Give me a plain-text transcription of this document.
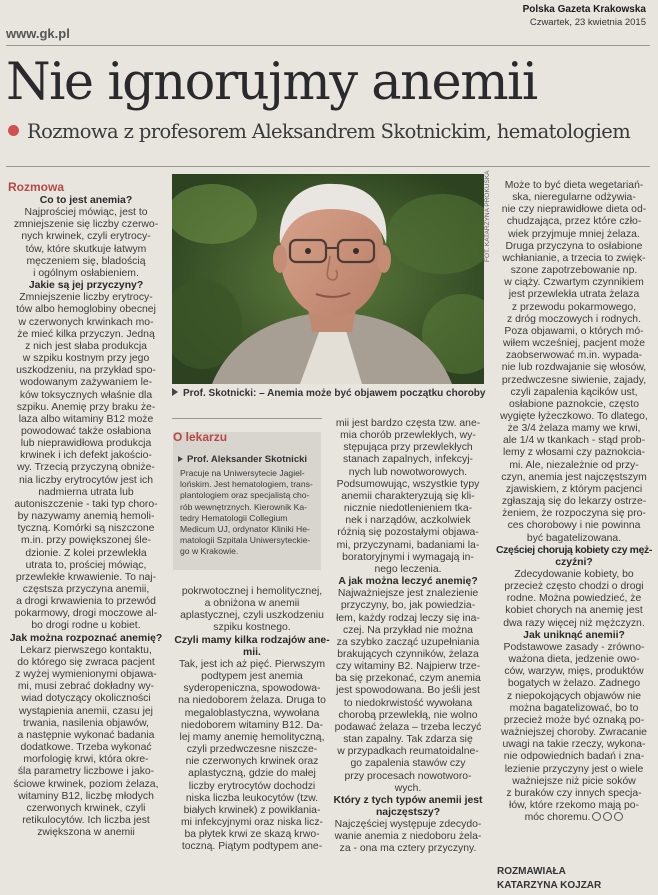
Polska Gazeta Krakowska
Czwartek, 23 kwietnia 2015
www.gk.pl
Nie ignorujmy anemii
Rozmowa z profesorem Aleksandrem Skotnickim, hematologiem
Rozmowa
Co to jest anemia?
Najprościej mówiąc, jest to
zmniejszenie się liczby czerwo-
nych krwinek, czyli erytrocy-
tów, które skutkuje łatwym
męczeniem się, bladością
i ogólnym osłabieniem.
Jakie są jej przyczyny?
Zmniejszenie liczby erytrocy-
tów albo hemoglobiny obecnej
w czerwonych krwinkach mo-
że mieć kilka przyczyn. Jedną
z nich jest słaba produkcja
w szpiku kostnym przy jego
uszkodzeniu, na przykład spo-
wodowanym zażywaniem le-
ków toksycznych właśnie dla
szpiku. Anemię przy braku że-
laza albo witaminy B12 może
powodować także osłabiona
lub nieprawidłowa produkcja
krwinek i ich defekt jakościo-
wy. Trzecią przyczyną obniże-
nia liczby erytrocytów jest ich
nadmierna utrata lub
autoniszczenie - taki typ choro-
by nazywamy anemią hemoli-
tyczną. Komórki są niszczone
m.in. przy powiększonej śle-
dzionie. Z kolei przewlekła
utrata to, prościej mówiąc,
przewlekłe krwawienie. To naj-
częstsza przyczyna anemii,
a drogi krwawienia to przewód
pokarmowy, drogi moczowe al-
bo drogi rodne u kobiet.
Jak można rozpoznać anemię?
Lekarz pierwszego kontaktu,
do którego się zwraca pacjent
z wyżej wymienionymi objawa-
mi, musi zebrać dokładny wy-
wiad dotyczący okoliczności
wystąpienia anemii, czasu jej
trwania, nasilenia objawów,
a następnie wykonać badania
dodatkowe. Trzeba wykonać
morfologię krwi, która okre-
śla parametry liczbowe i jako-
ściowe krwinek, poziom żelaza,
witaminy B12, liczbę młodych
czerwonych krwinek, czyli
retikulocytów. Ich liczba jest
zwiększona w anemii
FOT. KATARZYNA PROKUSKA
Prof. Skotnicki: – Anemia może być objawem początku choroby
O lekarzu
Prof. Aleksander Skotnicki
Pracuje na Uniwersytecie Jagiel-
lońskim. Jest hematologiem, trans-
plantologiem oraz specjalistą cho-
rób wewnętrznych. Kierownik Ka-
tedry Hematologii Collegium
Medicum UJ, ordynator Kliniki He-
matologii Szpitala Uniwersyteckie-
go w Krakowie.
pokrwotocznej i hemolitycznej,
a obniżona w anemii
aplastycznej, czyli uszkodzeniu
szpiku kostnego.
Czyli mamy kilka rodzajów ane-
mii.
Tak, jest ich aż pięć. Pierwszym
podtypem jest anemia
syderopeniczna, spowodowa-
na niedoborem żelaza. Druga to
megaloblastyczna, wywołana
niedoborem witaminy B12. Da-
lej mamy anemię hemolityczną,
czyli przedwczesne niszcze-
nie czerwonych krwinek oraz
aplastyczną, gdzie do małej
liczby erytrocytów dochodzi
niska liczba leukocytów (tzw.
białych krwinek) z powikłania-
mi infekcyjnymi oraz niska licz-
ba płytek krwi ze skazą krwo-
toczną. Piątym podtypem ane-
mii jest bardzo częsta tzw. ane-
mia chorób przewlekłych, wy-
stępująca przy przewlekłych
stanach zapalnych, infekcyj-
nych lub nowotworowych.
Podsumowując, wszystkie typy
anemii charakteryzują się kli-
nicznie niedotlenieniem tka-
nek i narządów, aczkolwiek
różnią się pozostałymi objawa-
mi, przyczynami, badaniami la-
boratoryjnymi i wymagają in-
nego leczenia.
A jak można leczyć anemię?
Najważniejsze jest znalezienie
przyczyny, bo, jak powiedzia-
łem, każdy rodzaj leczy się ina-
czej. Na przykład nie można
za szybko zacząć uzupełniania
brakujących czynników, żelaza
czy witaminy B2. Najpierw trze-
ba się przekonać, czym anemia
jest spowodowana. Bo jeśli jest
to niedokrwistość wywołana
chorobą przewlekłą, nie wolno
podawać żelaza – trzeba leczyć
stan zapalny. Tak zdarza się
w przypadkach reumatoidalne-
go zapalenia stawów czy
przy procesach nowotworo-
wych.
Który z tych typów anemii jest
najczęstszy?
Najczęściej występuje zdecydo-
wanie anemia z niedoboru żela-
za - ona ma cztery przyczyny.
Może to być dieta wegetariań-
ska, nieregularne odżywia-
nie czy nieprawidłowe dieta od-
chudzająca, przez które czło-
wiek przyjmuje mniej żelaza.
Druga przyczyna to osłabione
wchłanianie, a trzecia to zwięk-
szone zapotrzebowanie np.
w ciąży. Czwartym czynnikiem
jest przewlekła utrata żelaza
z przewodu pokarmowego,
z dróg moczowych i rodnych.
Poza objawami, o których mó-
wiłem wcześniej, pacjent może
zaobserwować m.in. wypada-
nie lub rozdwajanie się włosów,
przedwczesne siwienie, zajady,
czyli zapalenia kącików ust,
osłabione paznokcie, często
wygięte łyżeczkowo. To dlatego,
że 3/4 żelaza mamy we krwi,
ale 1/4 w tkankach - stąd prob-
lemy z włosami czy paznokcia-
mi. Ale, niezależnie od przy-
czyn, anemia jest najczęstszym
zjawiskiem, z którym pacjenci
zgłaszają się do lekarzy ostrze-
żeniem, że rozpoczyna się pro-
ces chorobowy i nie powinna
być bagatelizowana.
Częściej chorują kobiety czy męż-
czyźni?
Zdecydowanie kobiety, bo
przecież często chodzi o drogi
rodne. Można powiedzieć, że
kobiet chorych na anemię jest
dwa razy więcej niż mężczyzn.
Jak uniknąć anemii?
Podstawowe zasady - zrówno-
ważona dieta, jedzenie owo-
ców, warzyw, mięs, produktów
bogatych w żelazo. Żadnego
z niepokojących objawów nie
można bagatelizować, bo to
przecież może być oznaką po-
ważniejszej choroby. Zwracanie
uwagi na takie rzeczy, wykona-
nie odpowiednich badań i zna-
lezienie przyczyny jest o wiele
ważniejsze niż picie soków
z buraków czy innych specja-
łów, które rzekomo mają po-
móc choremu.
ROZMAWIAŁA
KATARZYNA KOJZAR
